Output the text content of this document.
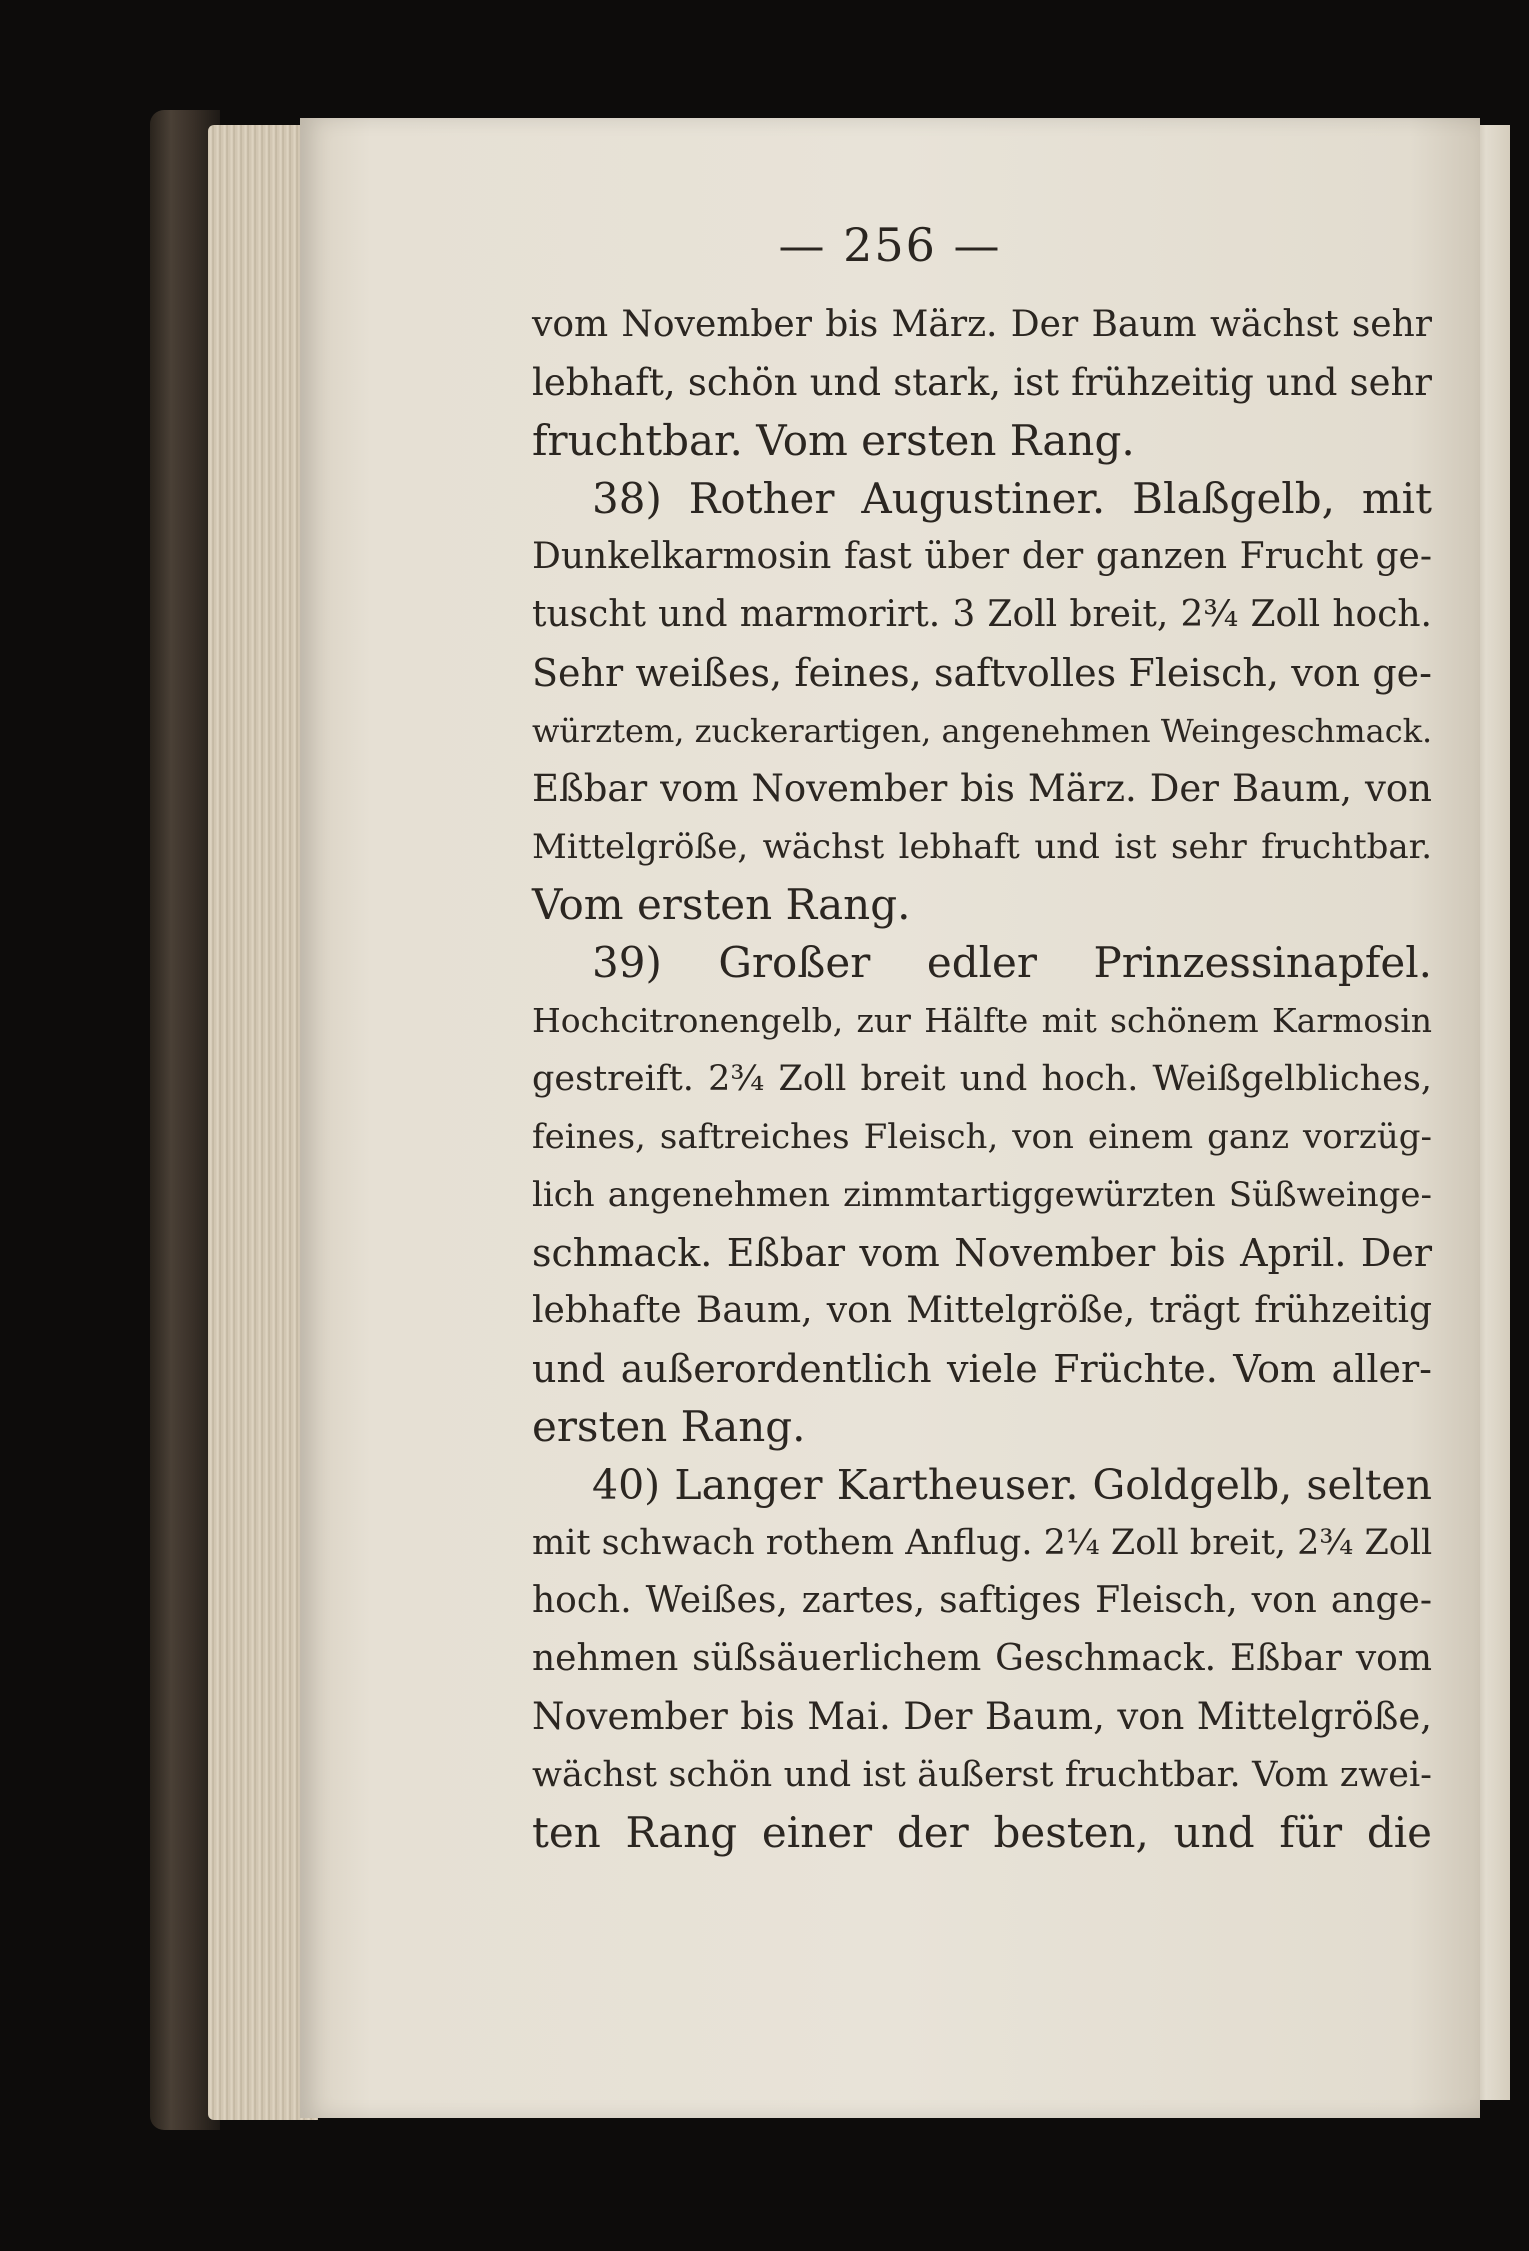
— 256 —
vom November bis März. Der Baum wächst sehr
lebhaft, schön und stark, ist frühzeitig und sehr
fruchtbar. Vom ersten Rang.
38) Rother Augustiner. Blaßgelb, mit
Dunkelkarmosin fast über der ganzen Frucht ge-
tuscht und marmorirt. 3 Zoll breit, 2¾ Zoll hoch.
Sehr weißes, feines, saftvolles Fleisch, von ge-
würztem, zuckerartigen, angenehmen Weingeschmack.
Eßbar vom November bis März. Der Baum, von
Mittelgröße, wächst lebhaft und ist sehr fruchtbar.
Vom ersten Rang.
39) Großer edler Prinzessinapfel.
Hochcitronengelb, zur Hälfte mit schönem Karmosin
gestreift. 2¾ Zoll breit und hoch. Weißgelbliches,
feines, saftreiches Fleisch, von einem ganz vorzüg-
lich angenehmen zimmtartiggewürzten Süßweinge-
schmack. Eßbar vom November bis April. Der
lebhafte Baum, von Mittelgröße, trägt frühzeitig
und außerordentlich viele Früchte. Vom aller-
ersten Rang.
40) Langer Kartheuser. Goldgelb, selten
mit schwach rothem Anflug. 2¼ Zoll breit, 2¾ Zoll
hoch. Weißes, zartes, saftiges Fleisch, von ange-
nehmen süßsäuerlichem Geschmack. Eßbar vom
November bis Mai. Der Baum, von Mittelgröße,
wächst schön und ist äußerst fruchtbar. Vom zwei-
ten Rang einer der besten, und für die
